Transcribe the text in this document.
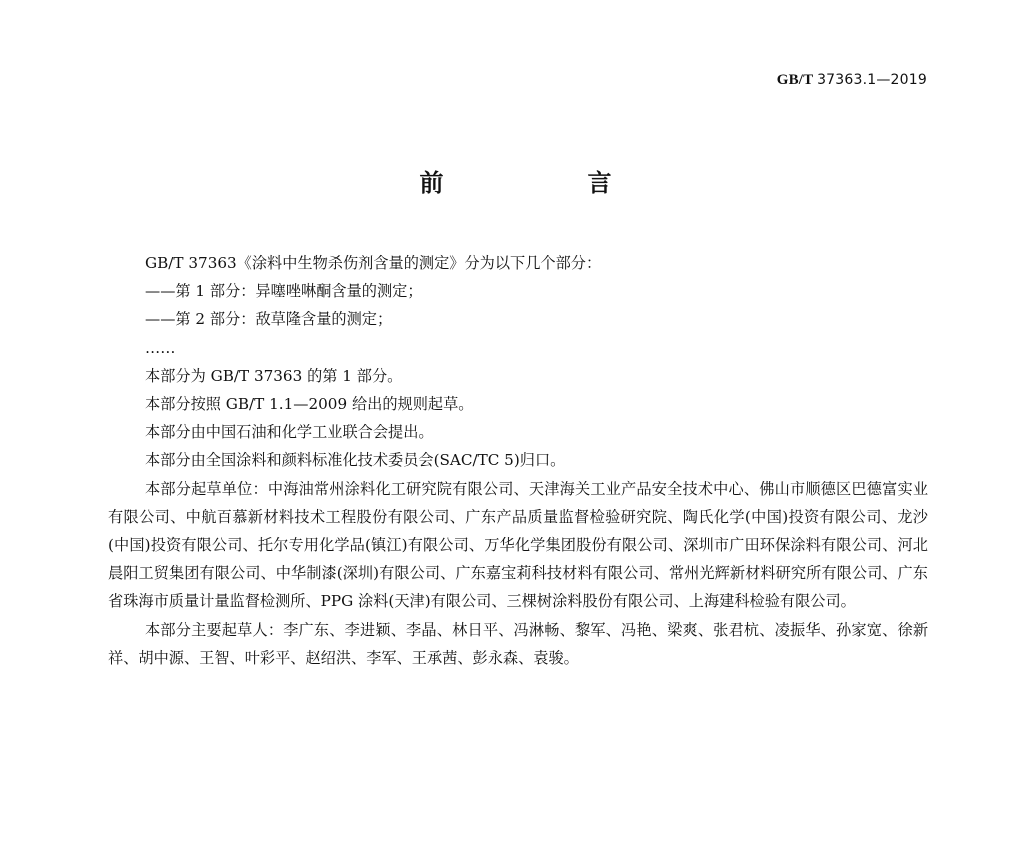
GB/T 37363.1—2019
前　言

GB/T 37363《涂料中生物杀伤剂含量的测定》分为以下几个部分：

——第 1 部分：异噻唑啉酮含量的测定；

——第 2 部分：敌草隆含量的测定；

……

本部分为 GB/T 37363 的第 1 部分。

本部分按照 GB/T 1.1—2009 给出的规则起草。

本部分由中国石油和化学工业联合会提出。

本部分由全国涂料和颜料标准化技术委员会(SAC/TC 5)归口。

本部分起草单位：中海油常州涂料化工研究院有限公司、天津海关工业产品安全技术中心、佛山市顺德区巴德富实业有限公司、中航百慕新材料技术工程股份有限公司、广东产品质量监督检验研究院、陶氏化学(中国)投资有限公司、龙沙(中国)投资有限公司、托尔专用化学品(镇江)有限公司、万华化学集团股份有限公司、深圳市广田环保涂料有限公司、河北晨阳工贸集团有限公司、中华制漆(深圳)有限公司、广东嘉宝莉科技材料有限公司、常州光辉新材料研究所有限公司、广东省珠海市质量计量监督检测所、PPG 涂料(天津)有限公司、三棵树涂料股份有限公司、上海建科检验有限公司。

本部分主要起草人：李广东、李进颖、李晶、林日平、冯淋畅、黎军、冯艳、梁爽、张君杭、凌振华、孙家宽、徐新祥、胡中源、王智、叶彩平、赵绍洪、李军、王承茜、彭永森、袁骏。
